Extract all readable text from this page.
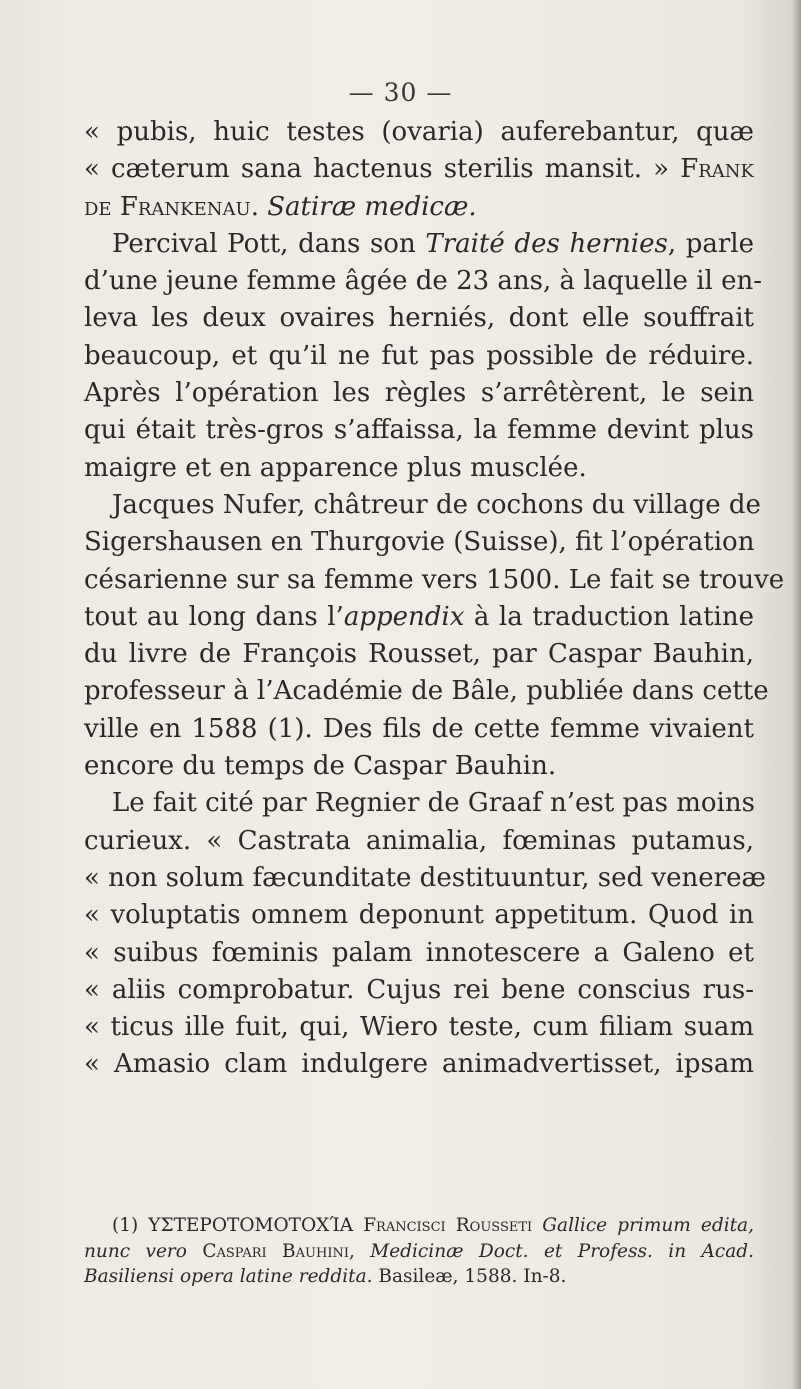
— 30 —
« pubis, huic testes (ovaria) auferebantur, quæ
« cæterum sana hactenus sterilis mansit. » Frank
de Frankenau. Satiræ medicæ.
Percival Pott, dans son Traité des hernies, parle
d’une jeune femme âgée de 23 ans, à laquelle il en-
leva les deux ovaires herniés, dont elle souffrait
beaucoup, et qu’il ne fut pas possible de réduire.
Après l’opération les règles s’arrêtèrent, le sein
qui était très-gros s’affaissa, la femme devint plus
maigre et en apparence plus musclée.
Jacques Nufer, châtreur de cochons du village de
Sigershausen en Thurgovie (Suisse), fit l’opération
césarienne sur sa femme vers 1500. Le fait se trouve
tout au long dans l’appendix à la traduction latine
du livre de François Rousset, par Caspar Bauhin,
professeur à l’Académie de Bâle, publiée dans cette
ville en 1588 (1). Des fils de cette femme vivaient
encore du temps de Caspar Bauhin.
Le fait cité par Regnier de Graaf n’est pas moins
curieux. « Castrata animalia, fœminas putamus,
« non solum fæcunditate destituuntur, sed venereæ
« voluptatis omnem deponunt appetitum. Quod in
« suibus fœminis palam innotescere a Galeno et
« aliis comprobatur. Cujus rei bene conscius rus-
« ticus ille fuit, qui, Wiero teste, cum filiam suam
« Amasio clam indulgere animadvertisset, ipsam
(1) ΥΣΤΕΡΟΤΟΜΟΤΟΧΊΑ Francisci Rousseti Gallice primum edita,
nunc vero Caspari Bauhini, Medicinæ Doct. et Profess. in Acad.
Basiliensi opera latine reddita. Basileæ, 1588. In-8.
